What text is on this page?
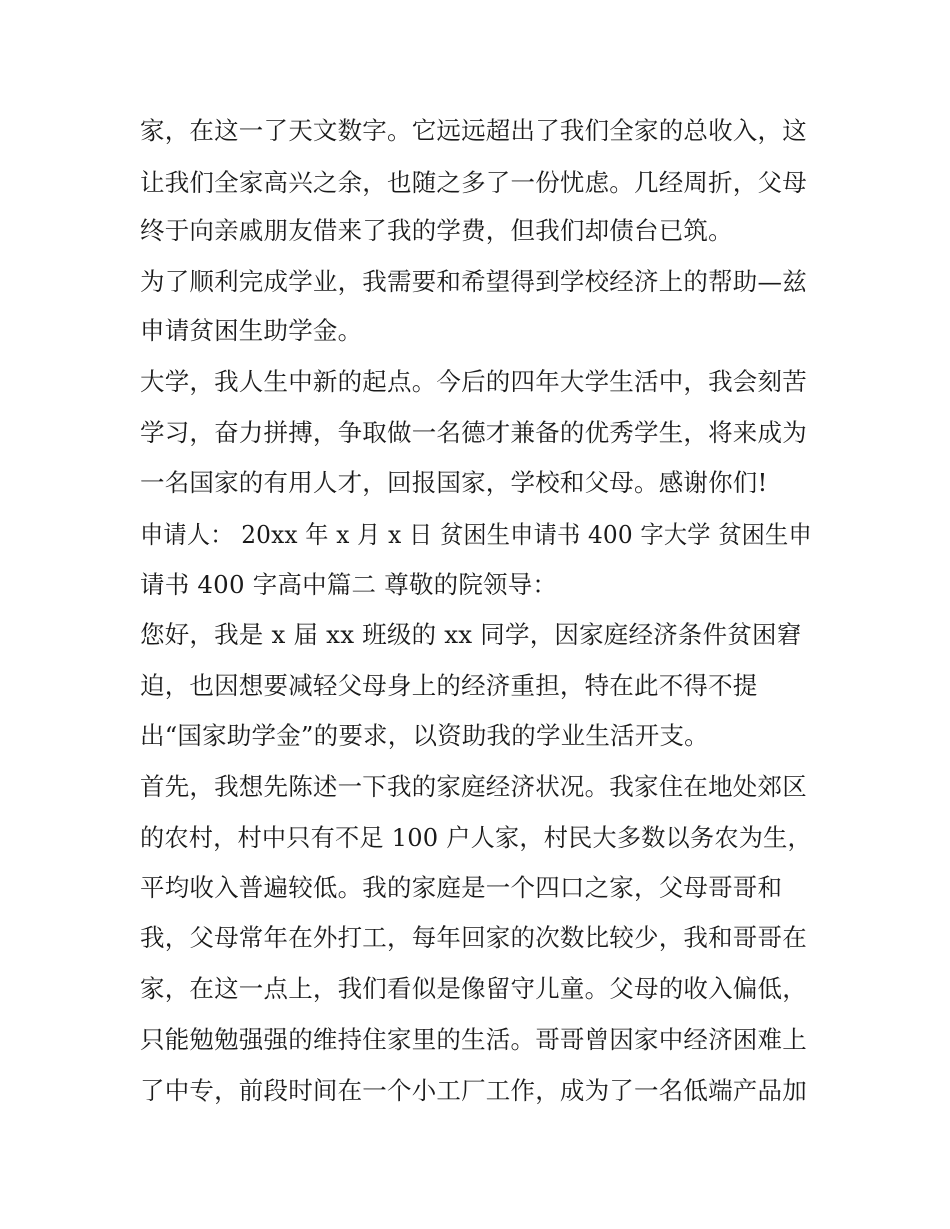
家，在这一了天文数字。它远远超出了我们全家的总收入，这
让我们全家高兴之余，也随之多了一份忧虑。几经周折，父母
终于向亲戚朋友借来了我的学费，但我们却债台已筑。
为了顺利完成学业，我需要和希望得到学校经济上的帮助—兹
申请贫困生助学金。
大学，我人生中新的起点。今后的四年大学生活中，我会刻苦
学习，奋力拼搏，争取做一名德才兼备的优秀学生，将来成为
一名国家的有用人才，回报国家，学校和父母。感谢你们!
申请人： 20xx 年 x 月 x 日 贫困生申请书 400 字大学 贫困生申
请书 400 字高中篇二 尊敬的院领导：
您好，我是 x 届 xx 班级的 xx 同学，因家庭经济条件贫困窘
迫，也因想要减轻父母身上的经济重担，特在此不得不提
出“国家助学金”的要求，以资助我的学业生活开支。
首先，我想先陈述一下我的家庭经济状况。我家住在地处郊区
的农村，村中只有不足 100 户人家，村民大多数以务农为生，
平均收入普遍较低。我的家庭是一个四口之家，父母哥哥和
我，父母常年在外打工，每年回家的次数比较少，我和哥哥在
家，在这一点上，我们看似是像留守儿童。父母的收入偏低，
只能勉勉强强的维持住家里的生活。哥哥曾因家中经济困难上
了中专，前段时间在一个小工厂工作，成为了一名低端产品加
